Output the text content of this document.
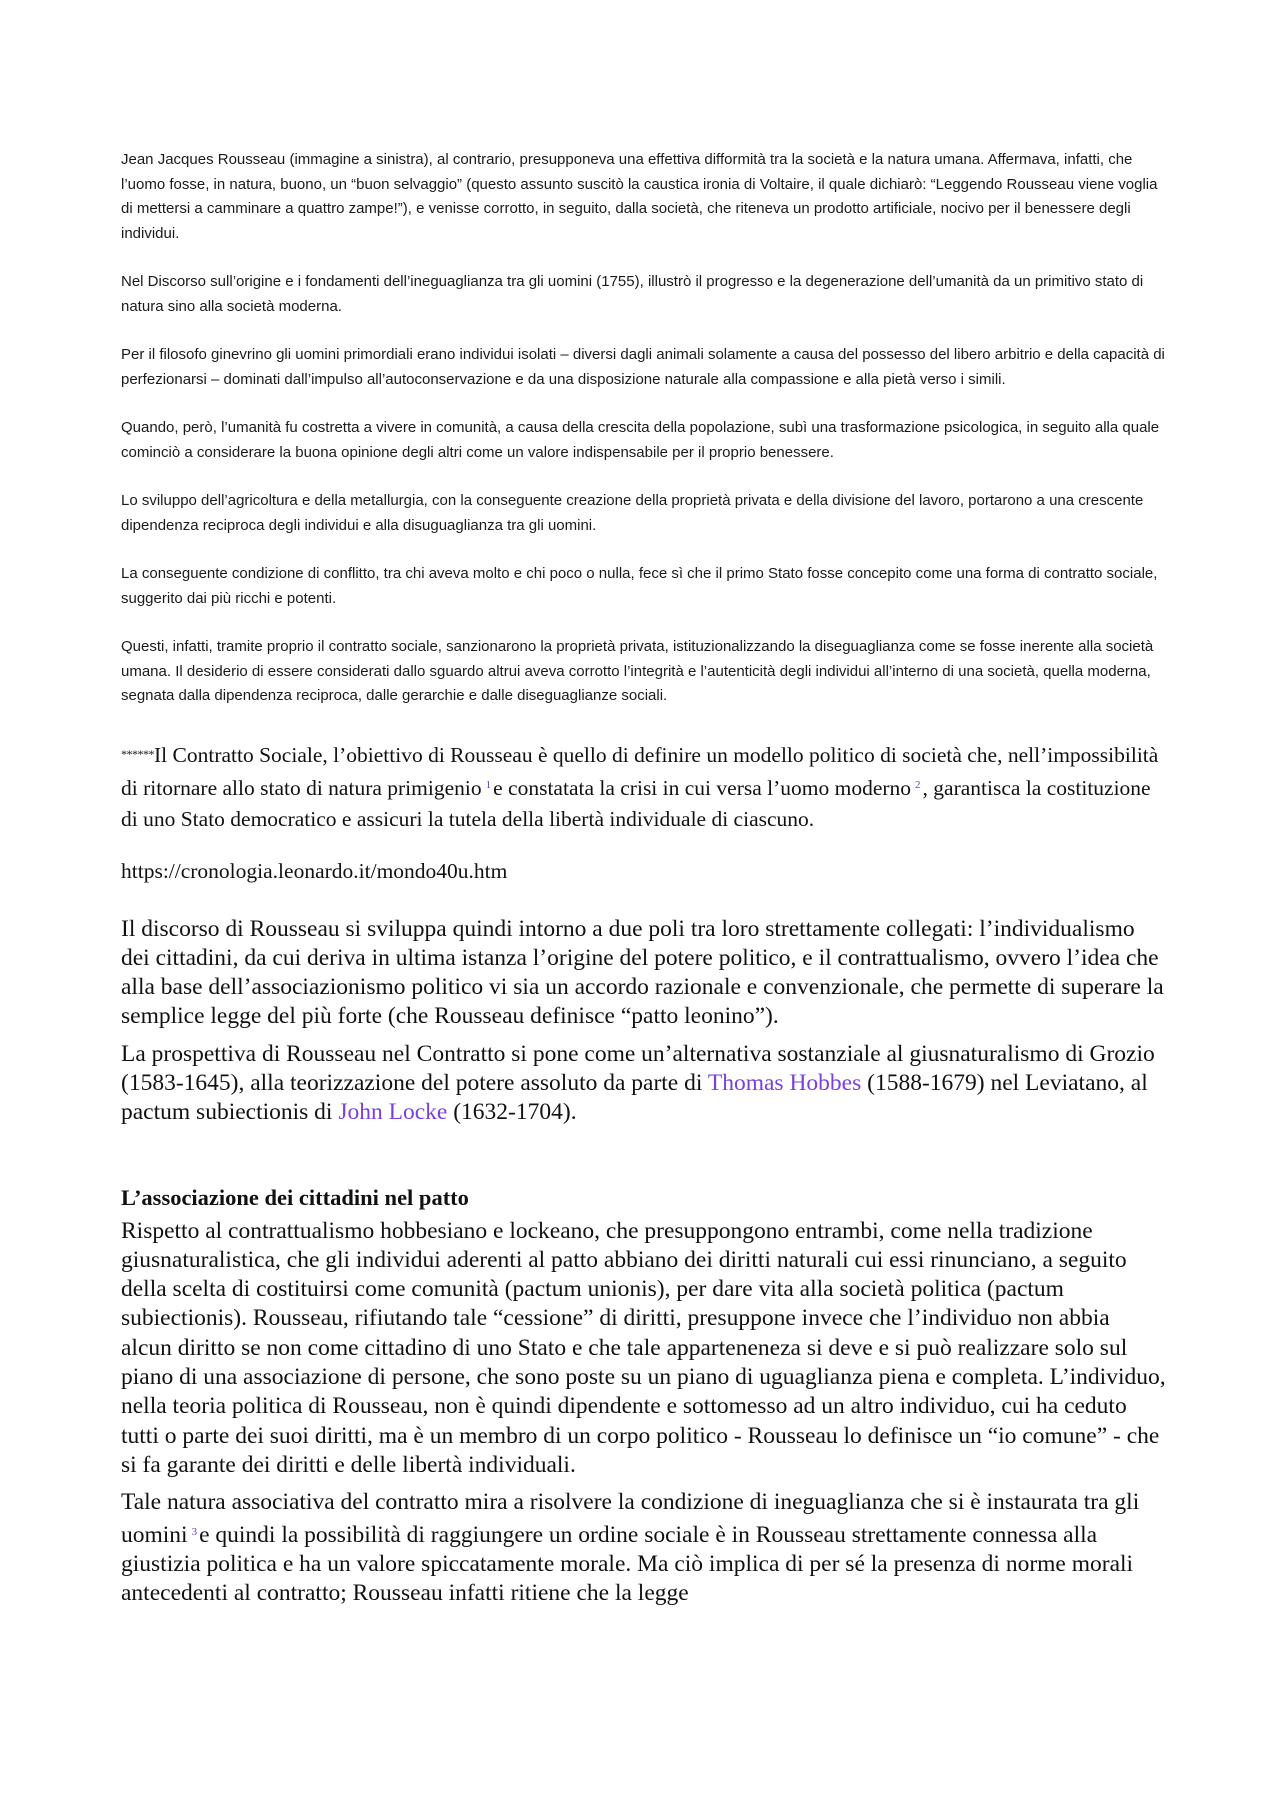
Jean Jacques Rousseau (immagine a sinistra), al contrario, presupponeva una effettiva difformità tra la società e la natura umana. Affermava, infatti, che l’uomo fosse, in natura, buono, un “buon selvaggio” (questo assunto suscitò la caustica ironia di Voltaire, il quale dichiarò: “Leggendo Rousseau viene voglia di mettersi a camminare a quattro zampe!”), e venisse corrotto, in seguito, dalla società, che riteneva un prodotto artificiale, nocivo per il benessere degli individui.

Nel Discorso sull’origine e i fondamenti dell’ineguaglianza tra gli uomini (1755), illustrò il progresso e la degenerazione dell’umanità da un primitivo stato di natura sino alla società moderna.

Per il filosofo ginevrino gli uomini primordiali erano individui isolati – diversi dagli animali solamente a causa del possesso del libero arbitrio e della capacità di perfezionarsi – dominati dall’impulso all’autoconservazione e da una disposizione naturale alla compassione e alla pietà verso i simili.

Quando, però, l’umanità fu costretta a vivere in comunità, a causa della crescita della popolazione, subì una trasformazione psicologica, in seguito alla quale cominciò a considerare la buona opinione degli altri come un valore indispensabile per il proprio benessere.

Lo sviluppo dell’agricoltura e della metallurgia, con la conseguente creazione della proprietà privata e della divisione del lavoro, portarono a una crescente dipendenza reciproca degli individui e alla disuguaglianza tra gli uomini.

La conseguente condizione di conflitto, tra chi aveva molto e chi poco o nulla, fece sì che il primo Stato fosse concepito come una forma di contratto sociale, suggerito dai più ricchi e potenti.

Questi, infatti, tramite proprio il contratto sociale, sanzionarono la proprietà privata, istituzionalizzando la diseguaglianza come se fosse inerente alla società umana. Il desiderio di essere considerati dallo sguardo altrui aveva corrotto l’integrità e l’autenticità degli individui all’interno di una società, quella moderna, segnata dalla dipendenza reciproca, dalle gerarchie e dalle diseguaglianze sociali.

******Il Contratto Sociale, l’obiettivo di Rousseau è quello di definire un modello politico di società che, nell’impossibilità di ritornare allo stato di natura primigenio $^1$e constatata la crisi in cui versa l’uomo moderno $^2$, garantisca la costituzione di uno Stato democratico e assicuri la tutela della libertà individuale di ciascuno.

https://cronologia.leonardo.it/mondo40u.htm

Il discorso di Rousseau si sviluppa quindi intorno a due poli tra loro strettamente collegati: l’individualismo dei cittadini, da cui deriva in ultima istanza l’origine del potere politico, e il contrattualismo, ovvero l’idea che alla base dell’associazionismo politico vi sia un accordo razionale e convenzionale, che permette di superare la semplice legge del più forte (che Rousseau definisce “patto leonino”).

La prospettiva di Rousseau nel Contratto si pone come un’alternativa sostanziale al giusnaturalismo di Grozio (1583-1645), alla teorizzazione del potere assoluto da parte di Thomas Hobbes (1588-1679) nel Leviatano, al pactum subiectionis di John Locke (1632-1704).

L’associazione dei cittadini nel patto

Rispetto al contrattualismo hobbesiano e lockeano, che presuppongono entrambi, come nella tradizione giusnaturalistica, che gli individui aderenti al patto abbiano dei diritti naturali cui essi rinunciano, a seguito della scelta di costituirsi come comunità (pactum unionis), per dare vita alla società politica (pactum subiectionis). Rousseau, rifiutando tale “cessione” di diritti, presuppone invece che l’individuo non abbia alcun diritto se non come cittadino di uno Stato e che tale apparteneneza si deve e si può realizzare solo sul piano di una associazione di persone, che sono poste su un piano di uguaglianza piena e completa. L’individuo, nella teoria politica di Rousseau, non è quindi dipendente e sottomesso ad un altro individuo, cui ha ceduto tutti o parte dei suoi diritti, ma è un membro di un corpo politico - Rousseau lo definisce un “io comune” - che si fa garante dei diritti e delle libertà individuali.

Tale natura associativa del contratto mira a risolvere la condizione di ineguaglianza che si è instaurata tra gli uomini $^3$e quindi la possibilità di raggiungere un ordine sociale è in Rousseau strettamente connessa alla giustizia politica e ha un valore spiccatamente morale. Ma ciò implica di per sé la presenza di norme morali antecedenti al contratto; Rousseau infatti ritiene che la legge
